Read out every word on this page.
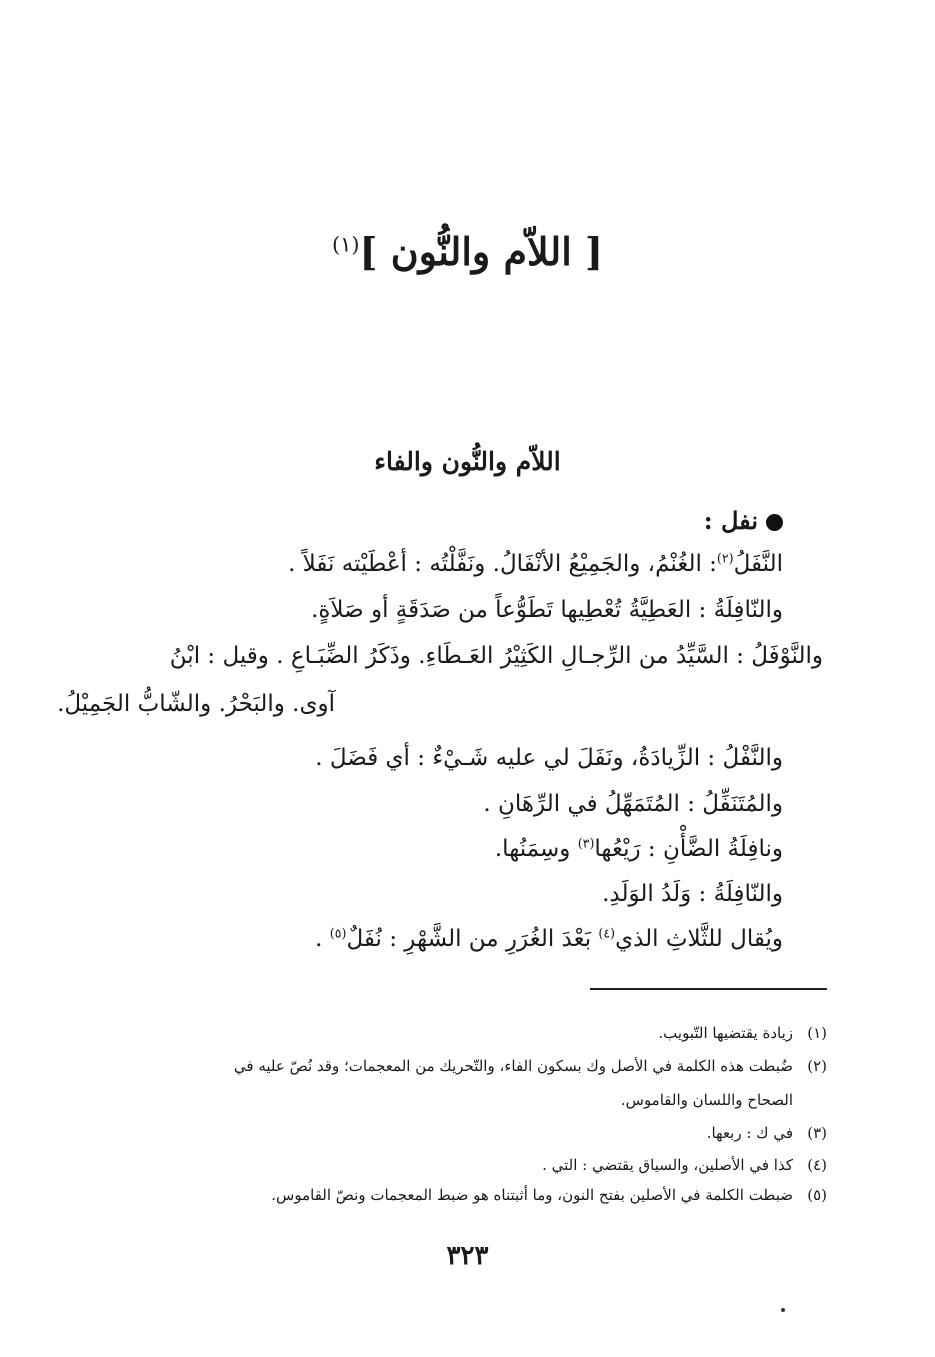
[ اللاّم والنُّون ]$^{(١)}$
اللاّم والنُّون والفاء
نفل :
النَّفَلُ$^{(٢)}$: الغُنْمُ، والجَمِيْعُ الأنْفَالُ. ونَفَّلْتُه : أعْطَيْته نَفَلاً .
والنّافِلَةُ : العَطِيَّةُ تُعْطِيها تَطَوُّعاً من صَدَقَةٍ أو صَلاَةٍ.
والنَّوْفَلُ : السَّيِّدُ من الرِّجـالِ الكَثِيْرُ العَـطَاءِ. وذَكَرُ الضِّبَـاعِ . وقيل : ابْنُ
آوى. والبَحْرُ. والشّابُّ الجَمِيْلُ.
والنَّفْلُ : الزِّيادَةُ، ونَفَلَ لي عليه شَـيْءٌ : أي فَضَلَ .
والمُتَنَفِّلُ : المُتَمَهِّلُ في الرِّهَانِ .
ونافِلَةُ الضَّأْنِ : رَيْعُها$^{(٣)}$ وسِمَنُها.
والنّافِلَةُ : وَلَدُ الوَلَدِ.
ويُقال للثَّلاثِ الذي$^{(٤)}$ بَعْدَ الغُرَرِ من الشَّهْرِ : نُفَلٌ$^{(٥)}$ .
(١)زيادة يقتضيها التّبويب.
(٢)ضُبطت هذه الكلمة في الأصل وك بسكون الفاء، والتّحريك من المعجمات؛ وقد نُصّ عليه في
الصحاح واللسان والقاموس.
(٣)في ك : ربعها.
(٤)كذا في الأصلين، والسياق يقتضي : التي .
(٥)ضبطت الكلمة في الأصلين بفتح النون، وما أثبتناه هو ضبط المعجمات ونصّ القاموس.
٣٢٣
